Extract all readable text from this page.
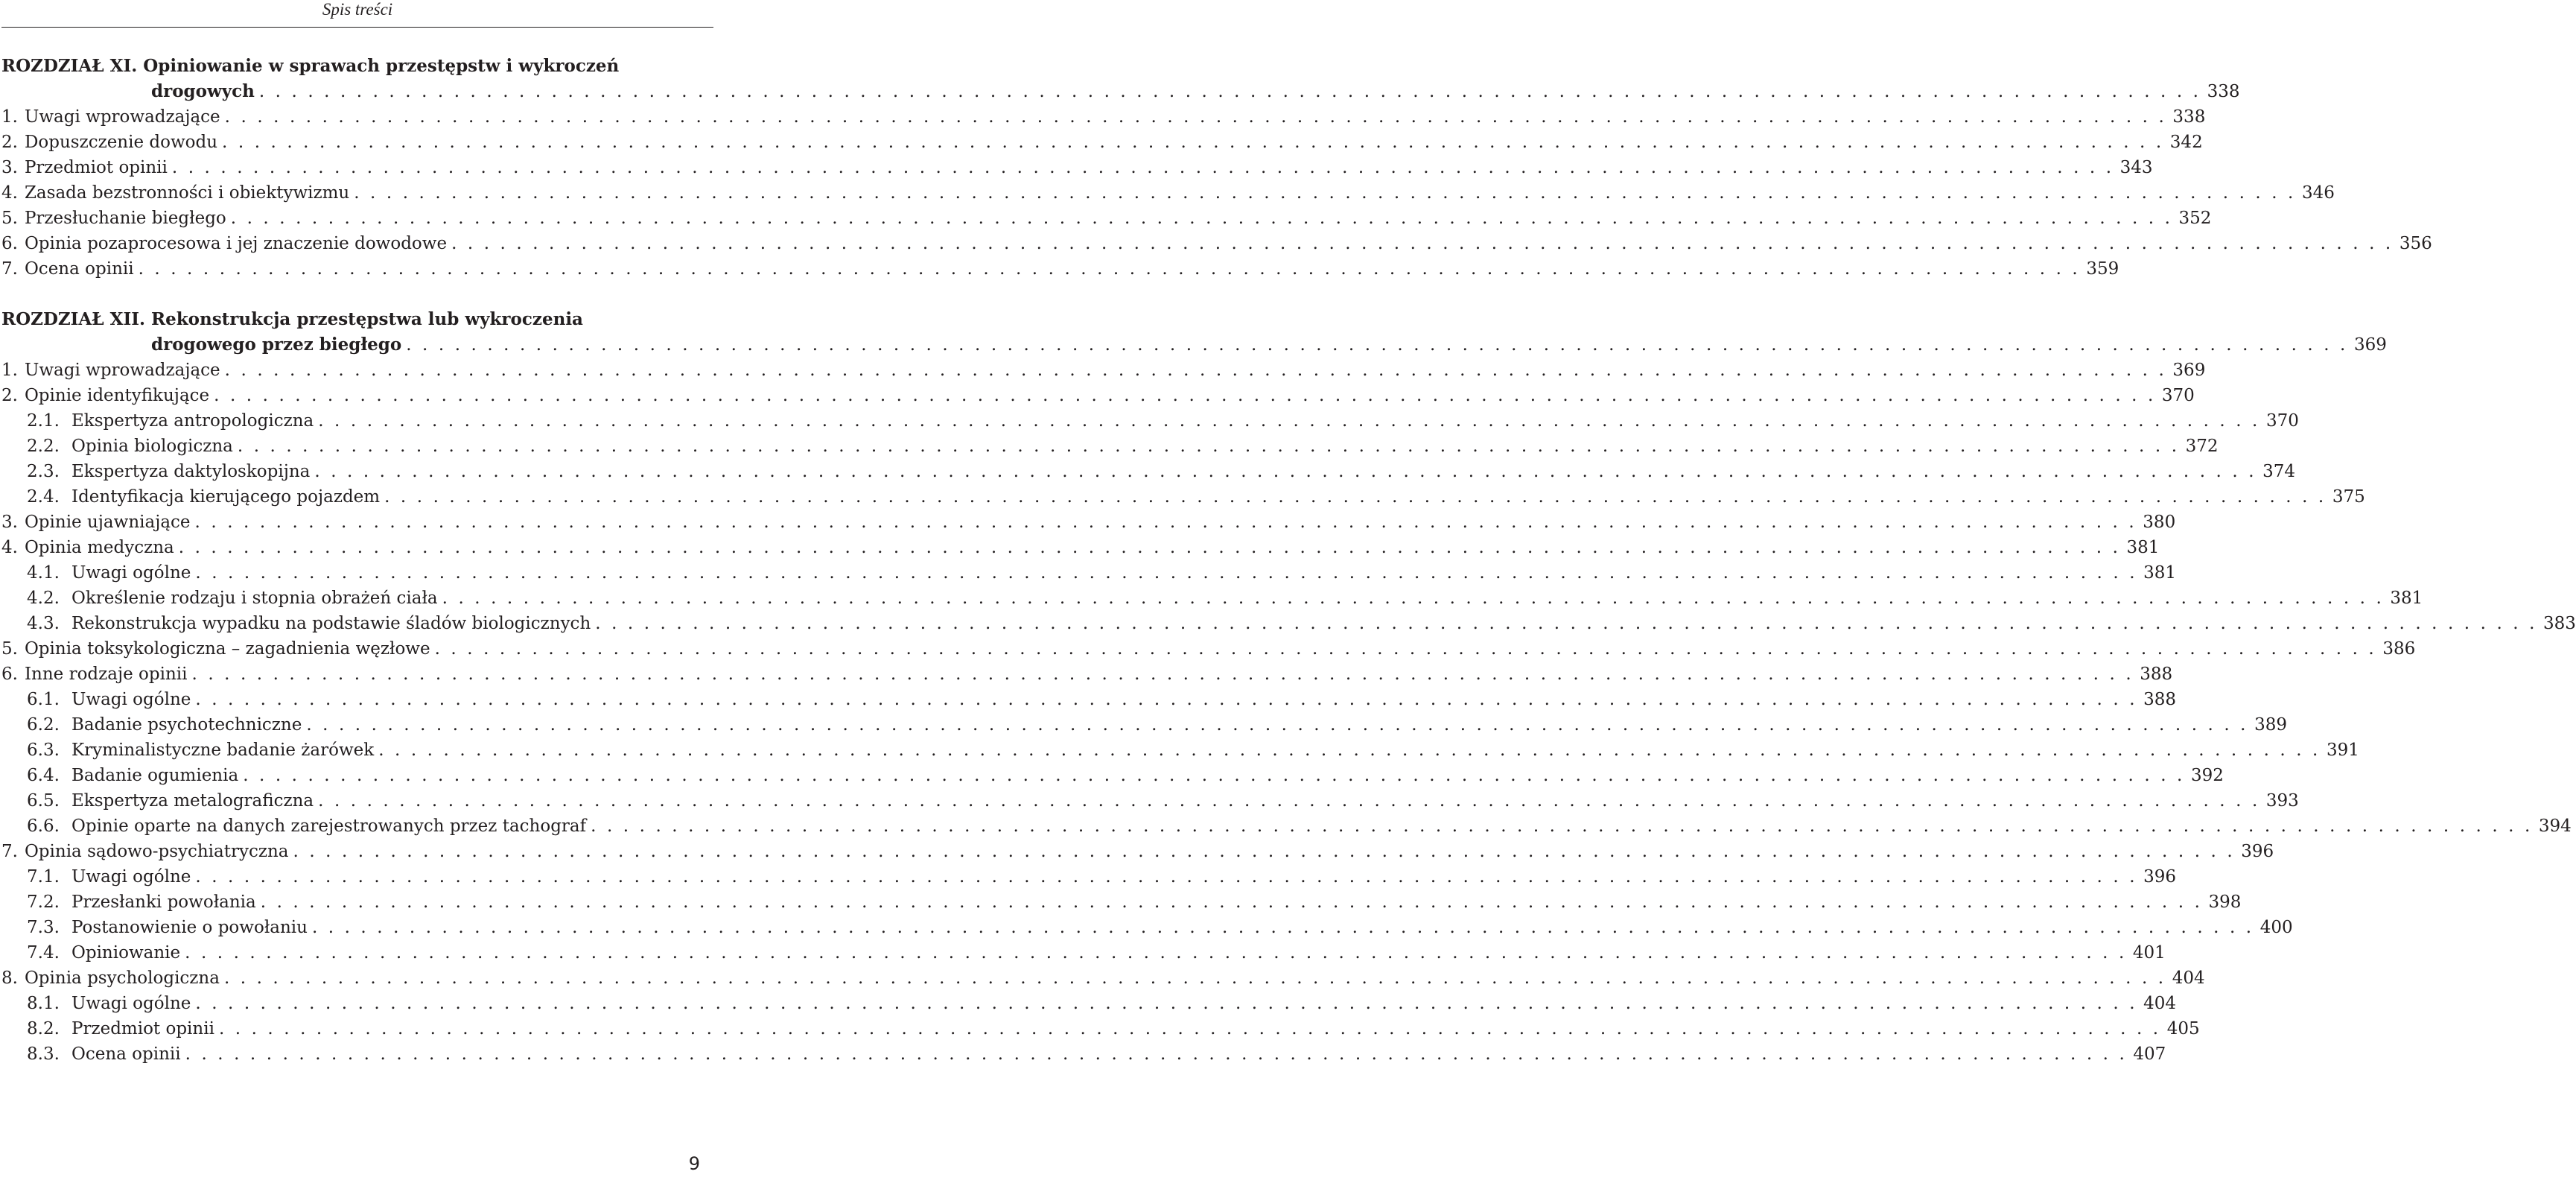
Spis treści
ROZDZIAŁ XI. Opiniowanie w sprawach przestępstw i wykroczeń
drogowych . . . . . . . . . . . . . . . . . . . . . . . . . . . . . . . . . . . . . . . . . . . . . . . . . . . . . . . . . . . . . . . . . . . . . . . . . . . . . . . . . . . . . . . . . . . . . . . . . . . . . . . . . . . . . . . . . . . . . . . . 338
1. Uwagi wprowadzające . . . . . . . . . . . . . . . . . . . . . . . . . . . . . . . . . . . . . . . . . . . . . . . . . . . . . . . . . . . . . . . . . . . . . . . . . . . . . . . . . . . . . . . . . . . . . . . . . . . . . . . . . . . . . . . . . . . . . . . . 338
2. Dopuszczenie dowodu . . . . . . . . . . . . . . . . . . . . . . . . . . . . . . . . . . . . . . . . . . . . . . . . . . . . . . . . . . . . . . . . . . . . . . . . . . . . . . . . . . . . . . . . . . . . . . . . . . . . . . . . . . . . . . . . . . . . . . . . 342
3. Przedmiot opinii . . . . . . . . . . . . . . . . . . . . . . . . . . . . . . . . . . . . . . . . . . . . . . . . . . . . . . . . . . . . . . . . . . . . . . . . . . . . . . . . . . . . . . . . . . . . . . . . . . . . . . . . . . . . . . . . . . . . . . . . 343
4. Zasada bezstronności i obiektywizmu . . . . . . . . . . . . . . . . . . . . . . . . . . . . . . . . . . . . . . . . . . . . . . . . . . . . . . . . . . . . . . . . . . . . . . . . . . . . . . . . . . . . . . . . . . . . . . . . . . . . . . . . . . . . . . . . . . . . . . . . 346
5. Przesłuchanie biegłego . . . . . . . . . . . . . . . . . . . . . . . . . . . . . . . . . . . . . . . . . . . . . . . . . . . . . . . . . . . . . . . . . . . . . . . . . . . . . . . . . . . . . . . . . . . . . . . . . . . . . . . . . . . . . . . . . . . . . . . . 352
6. Opinia pozaprocesowa i jej znaczenie dowodowe . . . . . . . . . . . . . . . . . . . . . . . . . . . . . . . . . . . . . . . . . . . . . . . . . . . . . . . . . . . . . . . . . . . . . . . . . . . . . . . . . . . . . . . . . . . . . . . . . . . . . . . . . . . . . . . . . . . . . . . . 356
7. Ocena opinii . . . . . . . . . . . . . . . . . . . . . . . . . . . . . . . . . . . . . . . . . . . . . . . . . . . . . . . . . . . . . . . . . . . . . . . . . . . . . . . . . . . . . . . . . . . . . . . . . . . . . . . . . . . . . . . . . . . . . . . . 359
ROZDZIAŁ XII. Rekonstrukcja przestępstwa lub wykroczenia
drogowego przez biegłego . . . . . . . . . . . . . . . . . . . . . . . . . . . . . . . . . . . . . . . . . . . . . . . . . . . . . . . . . . . . . . . . . . . . . . . . . . . . . . . . . . . . . . . . . . . . . . . . . . . . . . . . . . . . . . . . . . . . . . . . 369
1. Uwagi wprowadzające . . . . . . . . . . . . . . . . . . . . . . . . . . . . . . . . . . . . . . . . . . . . . . . . . . . . . . . . . . . . . . . . . . . . . . . . . . . . . . . . . . . . . . . . . . . . . . . . . . . . . . . . . . . . . . . . . . . . . . . . 369
2. Opinie identyfikujące . . . . . . . . . . . . . . . . . . . . . . . . . . . . . . . . . . . . . . . . . . . . . . . . . . . . . . . . . . . . . . . . . . . . . . . . . . . . . . . . . . . . . . . . . . . . . . . . . . . . . . . . . . . . . . . . . . . . . . . . 370
2.1. Ekspertyza antropologiczna . . . . . . . . . . . . . . . . . . . . . . . . . . . . . . . . . . . . . . . . . . . . . . . . . . . . . . . . . . . . . . . . . . . . . . . . . . . . . . . . . . . . . . . . . . . . . . . . . . . . . . . . . . . . . . . . . . . . . . . . 370
2.2. Opinia biologiczna . . . . . . . . . . . . . . . . . . . . . . . . . . . . . . . . . . . . . . . . . . . . . . . . . . . . . . . . . . . . . . . . . . . . . . . . . . . . . . . . . . . . . . . . . . . . . . . . . . . . . . . . . . . . . . . . . . . . . . . . 372
2.3. Ekspertyza daktyloskopijna . . . . . . . . . . . . . . . . . . . . . . . . . . . . . . . . . . . . . . . . . . . . . . . . . . . . . . . . . . . . . . . . . . . . . . . . . . . . . . . . . . . . . . . . . . . . . . . . . . . . . . . . . . . . . . . . . . . . . . . . 374
2.4. Identyfikacja kierującego pojazdem . . . . . . . . . . . . . . . . . . . . . . . . . . . . . . . . . . . . . . . . . . . . . . . . . . . . . . . . . . . . . . . . . . . . . . . . . . . . . . . . . . . . . . . . . . . . . . . . . . . . . . . . . . . . . . . . . . . . . . . . 375
3. Opinie ujawniające . . . . . . . . . . . . . . . . . . . . . . . . . . . . . . . . . . . . . . . . . . . . . . . . . . . . . . . . . . . . . . . . . . . . . . . . . . . . . . . . . . . . . . . . . . . . . . . . . . . . . . . . . . . . . . . . . . . . . . . . 380
4. Opinia medyczna . . . . . . . . . . . . . . . . . . . . . . . . . . . . . . . . . . . . . . . . . . . . . . . . . . . . . . . . . . . . . . . . . . . . . . . . . . . . . . . . . . . . . . . . . . . . . . . . . . . . . . . . . . . . . . . . . . . . . . . . 381
4.1. Uwagi ogólne . . . . . . . . . . . . . . . . . . . . . . . . . . . . . . . . . . . . . . . . . . . . . . . . . . . . . . . . . . . . . . . . . . . . . . . . . . . . . . . . . . . . . . . . . . . . . . . . . . . . . . . . . . . . . . . . . . . . . . . . 381
4.2. Określenie rodzaju i stopnia obrażeń ciała . . . . . . . . . . . . . . . . . . . . . . . . . . . . . . . . . . . . . . . . . . . . . . . . . . . . . . . . . . . . . . . . . . . . . . . . . . . . . . . . . . . . . . . . . . . . . . . . . . . . . . . . . . . . . . . . . . . . . . . . 381
4.3. Rekonstrukcja wypadku na podstawie śladów biologicznych . . . . . . . . . . . . . . . . . . . . . . . . . . . . . . . . . . . . . . . . . . . . . . . . . . . . . . . . . . . . . . . . . . . . . . . . . . . . . . . . . . . . . . . . . . . . . . . . . . . . . . . . . . . . . . . . . . . . . . . . 383
5. Opinia toksykologiczna – zagadnienia węzłowe . . . . . . . . . . . . . . . . . . . . . . . . . . . . . . . . . . . . . . . . . . . . . . . . . . . . . . . . . . . . . . . . . . . . . . . . . . . . . . . . . . . . . . . . . . . . . . . . . . . . . . . . . . . . . . . . . . . . . . . . 386
6. Inne rodzaje opinii . . . . . . . . . . . . . . . . . . . . . . . . . . . . . . . . . . . . . . . . . . . . . . . . . . . . . . . . . . . . . . . . . . . . . . . . . . . . . . . . . . . . . . . . . . . . . . . . . . . . . . . . . . . . . . . . . . . . . . . . 388
6.1. Uwagi ogólne . . . . . . . . . . . . . . . . . . . . . . . . . . . . . . . . . . . . . . . . . . . . . . . . . . . . . . . . . . . . . . . . . . . . . . . . . . . . . . . . . . . . . . . . . . . . . . . . . . . . . . . . . . . . . . . . . . . . . . . . 388
6.2. Badanie psychotechniczne . . . . . . . . . . . . . . . . . . . . . . . . . . . . . . . . . . . . . . . . . . . . . . . . . . . . . . . . . . . . . . . . . . . . . . . . . . . . . . . . . . . . . . . . . . . . . . . . . . . . . . . . . . . . . . . . . . . . . . . . 389
6.3. Kryminalistyczne badanie żarówek . . . . . . . . . . . . . . . . . . . . . . . . . . . . . . . . . . . . . . . . . . . . . . . . . . . . . . . . . . . . . . . . . . . . . . . . . . . . . . . . . . . . . . . . . . . . . . . . . . . . . . . . . . . . . . . . . . . . . . . . 391
6.4. Badanie ogumienia . . . . . . . . . . . . . . . . . . . . . . . . . . . . . . . . . . . . . . . . . . . . . . . . . . . . . . . . . . . . . . . . . . . . . . . . . . . . . . . . . . . . . . . . . . . . . . . . . . . . . . . . . . . . . . . . . . . . . . . . 392
6.5. Ekspertyza metalograficzna . . . . . . . . . . . . . . . . . . . . . . . . . . . . . . . . . . . . . . . . . . . . . . . . . . . . . . . . . . . . . . . . . . . . . . . . . . . . . . . . . . . . . . . . . . . . . . . . . . . . . . . . . . . . . . . . . . . . . . . . 393
6.6. Opinie oparte na danych zarejestrowanych przez tachograf . . . . . . . . . . . . . . . . . . . . . . . . . . . . . . . . . . . . . . . . . . . . . . . . . . . . . . . . . . . . . . . . . . . . . . . . . . . . . . . . . . . . . . . . . . . . . . . . . . . . . . . . . . . . . . . . . . . . . . . . 394
7. Opinia sądowo-psychiatryczna . . . . . . . . . . . . . . . . . . . . . . . . . . . . . . . . . . . . . . . . . . . . . . . . . . . . . . . . . . . . . . . . . . . . . . . . . . . . . . . . . . . . . . . . . . . . . . . . . . . . . . . . . . . . . . . . . . . . . . . . 396
7.1. Uwagi ogólne . . . . . . . . . . . . . . . . . . . . . . . . . . . . . . . . . . . . . . . . . . . . . . . . . . . . . . . . . . . . . . . . . . . . . . . . . . . . . . . . . . . . . . . . . . . . . . . . . . . . . . . . . . . . . . . . . . . . . . . . 396
7.2. Przesłanki powołania . . . . . . . . . . . . . . . . . . . . . . . . . . . . . . . . . . . . . . . . . . . . . . . . . . . . . . . . . . . . . . . . . . . . . . . . . . . . . . . . . . . . . . . . . . . . . . . . . . . . . . . . . . . . . . . . . . . . . . . . 398
7.3. Postanowienie o powołaniu . . . . . . . . . . . . . . . . . . . . . . . . . . . . . . . . . . . . . . . . . . . . . . . . . . . . . . . . . . . . . . . . . . . . . . . . . . . . . . . . . . . . . . . . . . . . . . . . . . . . . . . . . . . . . . . . . . . . . . . . 400
7.4. Opiniowanie . . . . . . . . . . . . . . . . . . . . . . . . . . . . . . . . . . . . . . . . . . . . . . . . . . . . . . . . . . . . . . . . . . . . . . . . . . . . . . . . . . . . . . . . . . . . . . . . . . . . . . . . . . . . . . . . . . . . . . . . 401
8. Opinia psychologiczna . . . . . . . . . . . . . . . . . . . . . . . . . . . . . . . . . . . . . . . . . . . . . . . . . . . . . . . . . . . . . . . . . . . . . . . . . . . . . . . . . . . . . . . . . . . . . . . . . . . . . . . . . . . . . . . . . . . . . . . . 404
8.1. Uwagi ogólne . . . . . . . . . . . . . . . . . . . . . . . . . . . . . . . . . . . . . . . . . . . . . . . . . . . . . . . . . . . . . . . . . . . . . . . . . . . . . . . . . . . . . . . . . . . . . . . . . . . . . . . . . . . . . . . . . . . . . . . . 404
8.2. Przedmiot opinii . . . . . . . . . . . . . . . . . . . . . . . . . . . . . . . . . . . . . . . . . . . . . . . . . . . . . . . . . . . . . . . . . . . . . . . . . . . . . . . . . . . . . . . . . . . . . . . . . . . . . . . . . . . . . . . . . . . . . . . . 405
8.3. Ocena opinii . . . . . . . . . . . . . . . . . . . . . . . . . . . . . . . . . . . . . . . . . . . . . . . . . . . . . . . . . . . . . . . . . . . . . . . . . . . . . . . . . . . . . . . . . . . . . . . . . . . . . . . . . . . . . . . . . . . . . . . . 407
9
